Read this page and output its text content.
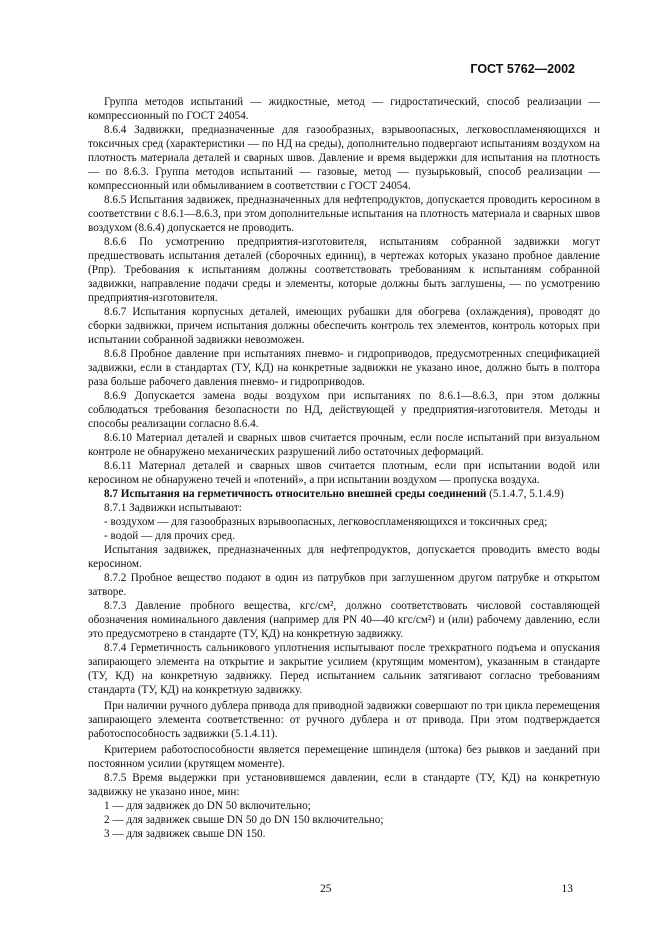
ГОСТ 5762—2002

Группа методов испытаний — жидкостные, метод — гидростатический, способ реализации — компрессионный по ГОСТ 24054.

8.6.4 Задвижки, предназначенные для газообразных, взрывоопасных, легковоспламеняющихся и токсичных сред (характеристики — по НД на среды), дополнительно подвергают испытаниям воздухом на плотность материала деталей и сварных швов. Давление и время выдержки для испытания на плотность — по 8.6.3. Группа методов испытаний — газовые, метод — пузырьковый, способ реализации — компрессионный или обмыливанием в соответствии с ГОСТ 24054.

8.6.5 Испытания задвижек, предназначенных для нефтепродуктов, допускается проводить керосином в соответствии с 8.6.1—8.6.3, при этом дополнительные испытания на плотность материала и сварных швов воздухом (8.6.4) допускается не проводить.

8.6.6 По усмотрению предприятия-изготовителя, испытаниям собранной задвижки могут предшествовать испытания деталей (сборочных единиц), в чертежах которых указано пробное давление (Pпр). Требования к испытаниям должны соответствовать требованиям к испытаниям собранной задвижки, направление подачи среды и элементы, которые должны быть заглушены, — по усмотрению предприятия-изготовителя.

8.6.7 Испытания корпусных деталей, имеющих рубашки для обогрева (охлаждения), проводят до сборки задвижки, причем испытания должны обеспечить контроль тех элементов, контроль которых при испытании собранной задвижки невозможен.

8.6.8 Пробное давление при испытаниях пневмо- и гидроприводов, предусмотренных спецификацией задвижки, если в стандартах (ТУ, КД) на конкретные задвижки не указано иное, должно быть в полтора раза больше рабочего давления пневмо- и гидроприводов.

8.6.9 Допускается замена воды воздухом при испытаниях по 8.6.1—8.6.3, при этом должны соблюдаться требования безопасности по НД, действующей у предприятия-изготовителя. Методы и способы реализации согласно 8.6.4.

8.6.10 Материал деталей и сварных швов считается прочным, если после испытаний при визуальном контроле не обнаружено механических разрушений либо остаточных деформаций.

8.6.11 Материал деталей и сварных швов считается плотным, если при испытании водой или керосином не обнаружено течей и «потений», а при испытании воздухом — пропуска воздуха.

8.7 Испытания на герметичность относительно внешней среды соединений (5.1.4.7, 5.1.4.9)

8.7.1 Задвижки испытывают:

- воздухом — для газообразных взрывоопасных, легковоспламеняющихся и токсичных сред;

- водой — для прочих сред.

Испытания задвижек, предназначенных для нефтепродуктов, допускается проводить вместо воды керосином.

8.7.2 Пробное вещество подают в один из патрубков при заглушенном другом патрубке и открытом затворе.

8.7.3 Давление пробного вещества, кгс/см², должно соответствовать числовой составляющей обозначения номинального давления (например для PN 40—40 кгс/см²) и (или) рабочему давлению, если это предусмотрено в стандарте (ТУ, КД) на конкретную задвижку.

8.7.4 Герметичность сальникового уплотнения испытывают после трехкратного подъема и опускания запирающего элемента на открытие и закрытие усилием (крутящим моментом), указанным в стандарте (ТУ, КД) на конкретную задвижку. Перед испытанием сальник затягивают согласно требованиям стандарта (ТУ, КД) на конкретную задвижку.

При наличии ручного дублера привода для приводной задвижки совершают по три цикла перемещения запирающего элемента соответственно: от ручного дублера и от привода. При этом подтверждается работоспособность задвижки (5.1.4.11).

Критерием работоспособности является перемещение шпинделя (штока) без рывков и заеданий при постоянном усилии (крутящем моменте).

8.7.5 Время выдержки при установившемся давлении, если в стандарте (ТУ, КД) на конкретную задвижку не указано иное, мин:

1 — для задвижек до DN 50 включительно;

2 — для задвижек свыше DN 50 до DN 150 включительно;

3 — для задвижек свыше DN 150.

25	13
